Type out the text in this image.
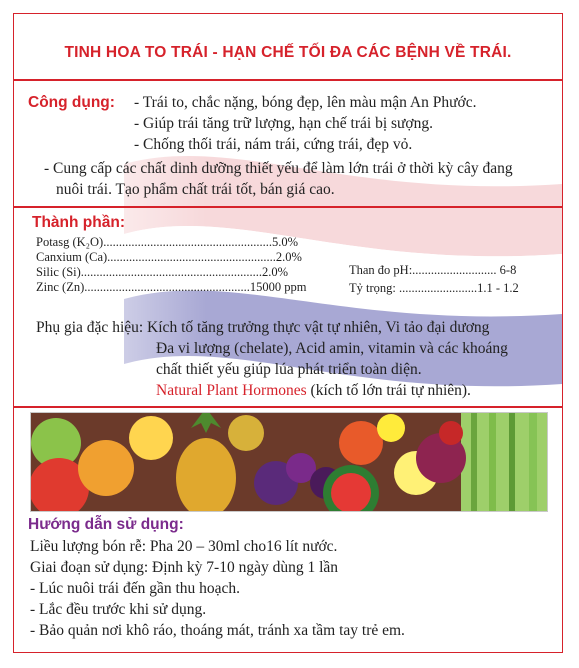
TINH HOA TO TRÁI - HẠN CHẾ TỐI ĐA CÁC BỆNH VỀ TRÁI.
Công dụng: - Trái to, chắc nặng, bóng đẹp, lên màu mận An Phước.
- Giúp trái tăng trữ lượng, hạn chế trái bị sượng.
- Chống thối trái, nám trái, cứng trái, đẹp vỏ.
- Cung cấp các chất dinh dưỡng thiết yếu để làm lớn trái ở thời kỳ cây đang
nuôi trái. Tạo phẩm chất trái tốt, bán giá cao.
Thành phần:
Potasg (K₂O)......................................................5.0%
Canxium (Ca)......................................................2.0%
Silic (Si)..........................................................2.0%
Zinc (Zn).....................................................15000 ppm
Than đo pH:........................... 6-8
Tỷ trọng: .........................1.1 - 1.2
Phụ gia đặc hiệu: Kích tố tăng trưởng thực vật tự nhiên, Vi tảo đại dương
Đa vi lượng (chelate), Acid amin, vitamin và các khoáng
chất thiết yếu giúp lúa phát triển toàn diện.
Natural Plant Hormones (kích tố lớn trái tự nhiên).
Hướng dẫn sử dụng:
Liều lượng bón rễ: Pha 20 – 30ml cho16 lít nước.
Giai đoạn sử dụng: Định kỳ 7-10 ngày dùng 1 lần
- Lúc nuôi trái đến gần thu hoạch.
- Lắc đều trước khi sử dụng.
- Bảo quản nơi khô ráo, thoáng mát, tránh xa tầm tay trẻ em.
